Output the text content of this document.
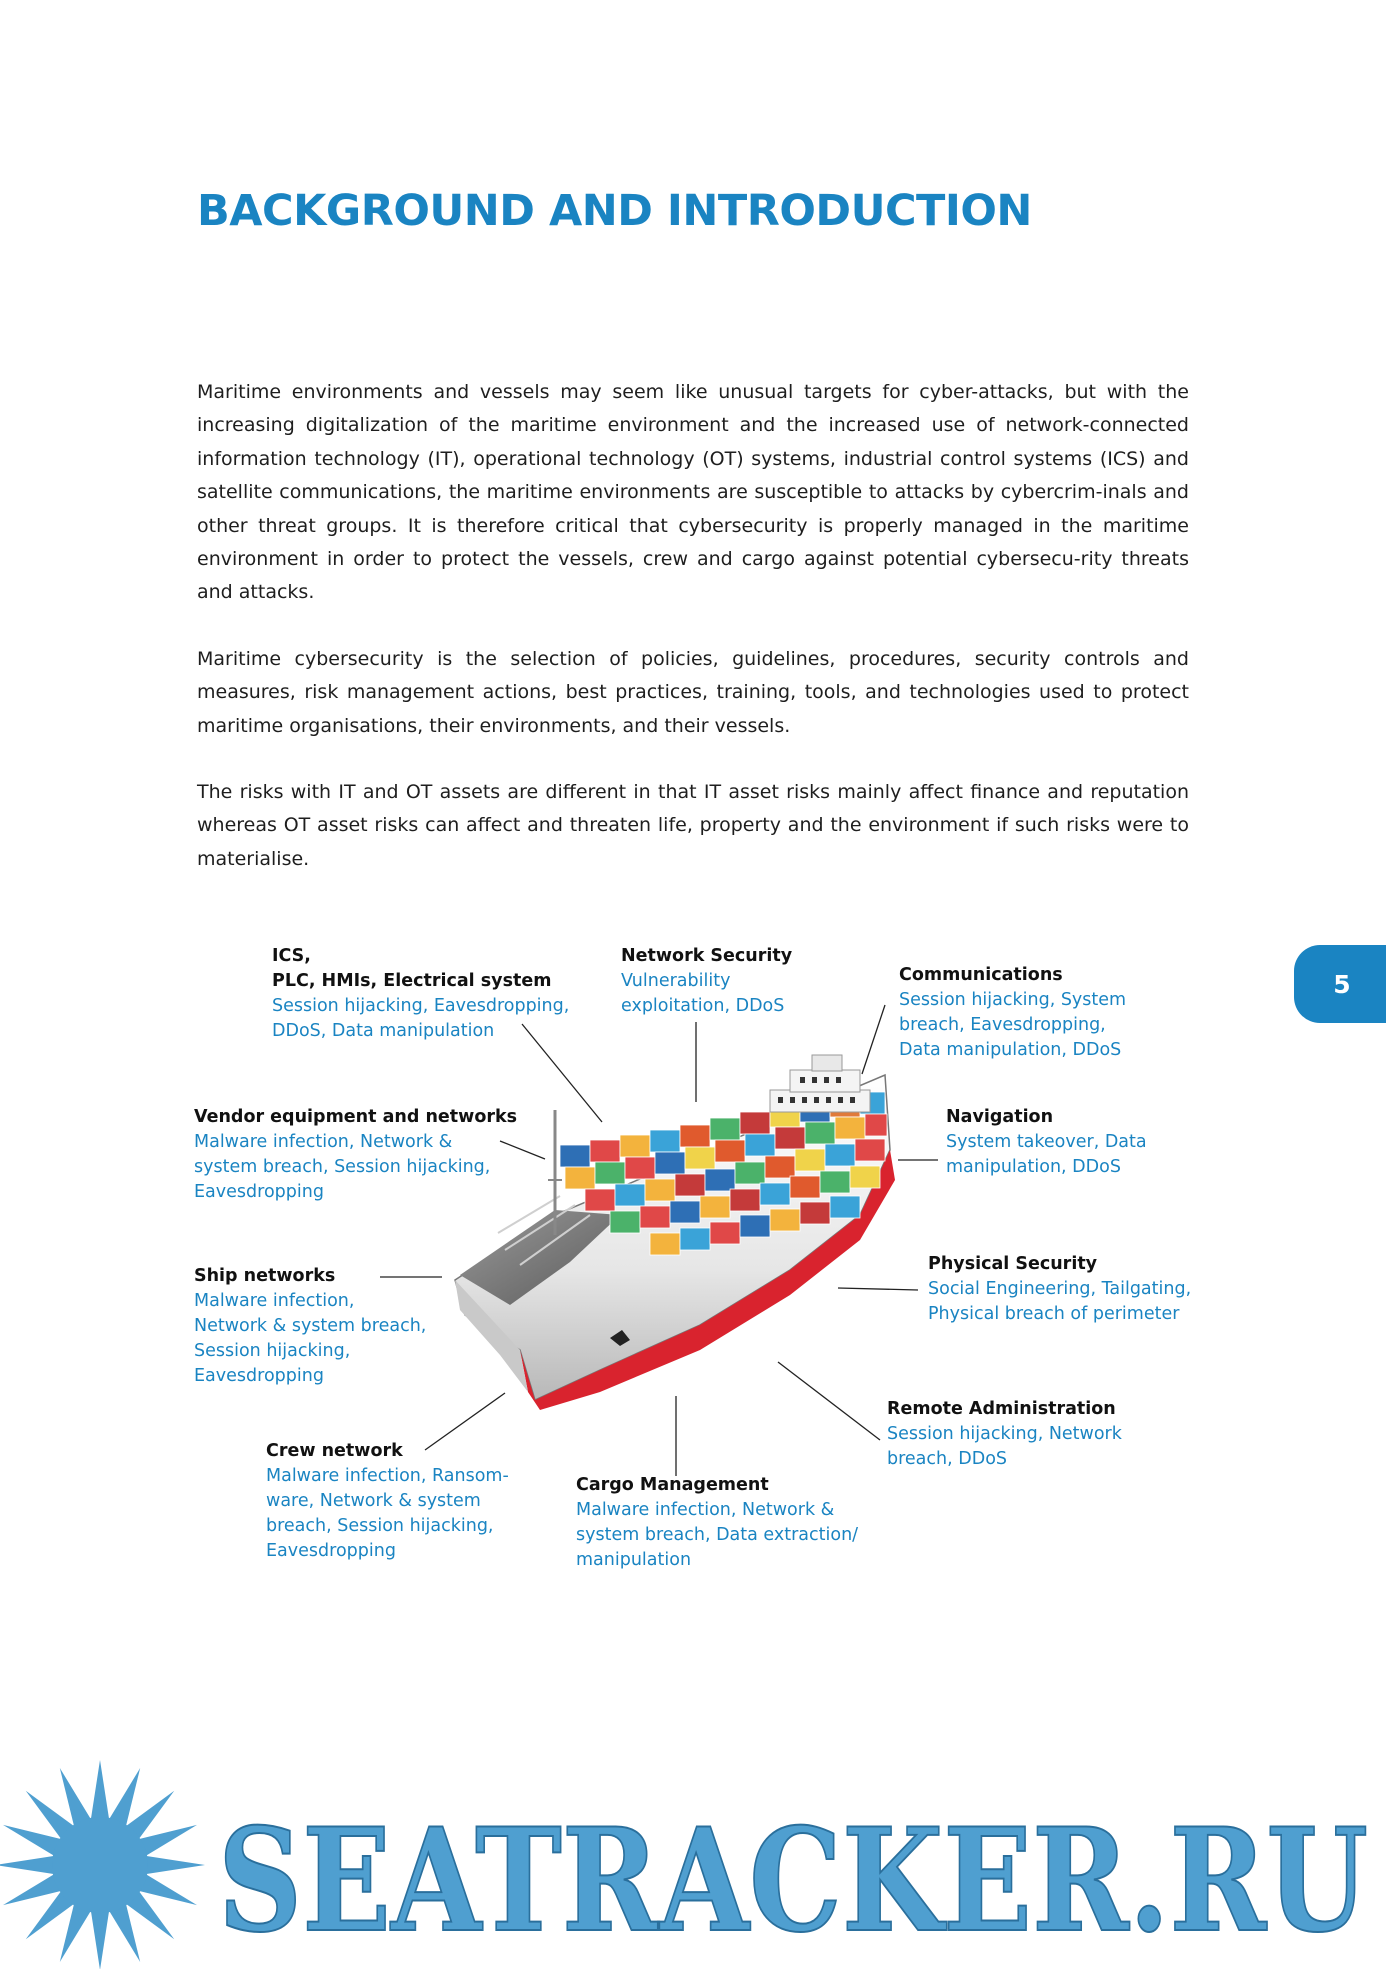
BACKGROUND AND INTRODUCTION

Maritime environments and vessels may seem like unusual targets for cyber-attacks, but with the increasing digitalization of the maritime environment and the increased use of network-connected information technology (IT), operational technology (OT) systems, industrial control systems (ICS) and satellite communications, the maritime environments are susceptible to attacks by cybercrim-inals and other threat groups. It is therefore critical that cybersecurity is properly managed in the maritime environment in order to protect the vessels, crew and cargo against potential cybersecu-rity threats and attacks.

Maritime cybersecurity is the selection of policies, guidelines, procedures, security controls and measures, risk management actions, best practices, training, tools, and technologies used to protect maritime organisations, their environments, and their vessels.

The risks with IT and OT assets are different in that IT asset risks mainly affect finance and reputation whereas OT asset risks can affect and threaten life, property and the environment if such risks were to materialise.

5
ICS,
PLC, HMIs, Electrical system
Session hijacking, Eavesdropping,
DDoS, Data manipulation
Network Security
Vulnerability
exploitation, DDoS
Communications
Session hijacking, System
breach, Eavesdropping,
Data manipulation, DDoS
Vendor equipment and networks
Malware infection, Network &
system breach, Session hijacking,
Eavesdropping
Navigation
System takeover, Data
manipulation, DDoS
Ship networks
Malware infection,
Network & system breach,
Session hijacking,
Eavesdropping
Physical Security
Social Engineering, Tailgating,
Physical breach of perimeter
Remote Administration
Session hijacking, Network
breach, DDoS
Crew network
Malware infection, Ransom-
ware, Network & system
breach, Session hijacking,
Eavesdropping
Cargo Management
Malware infection, Network &
system breach, Data extraction/
manipulation
SEATRACKER.RU
